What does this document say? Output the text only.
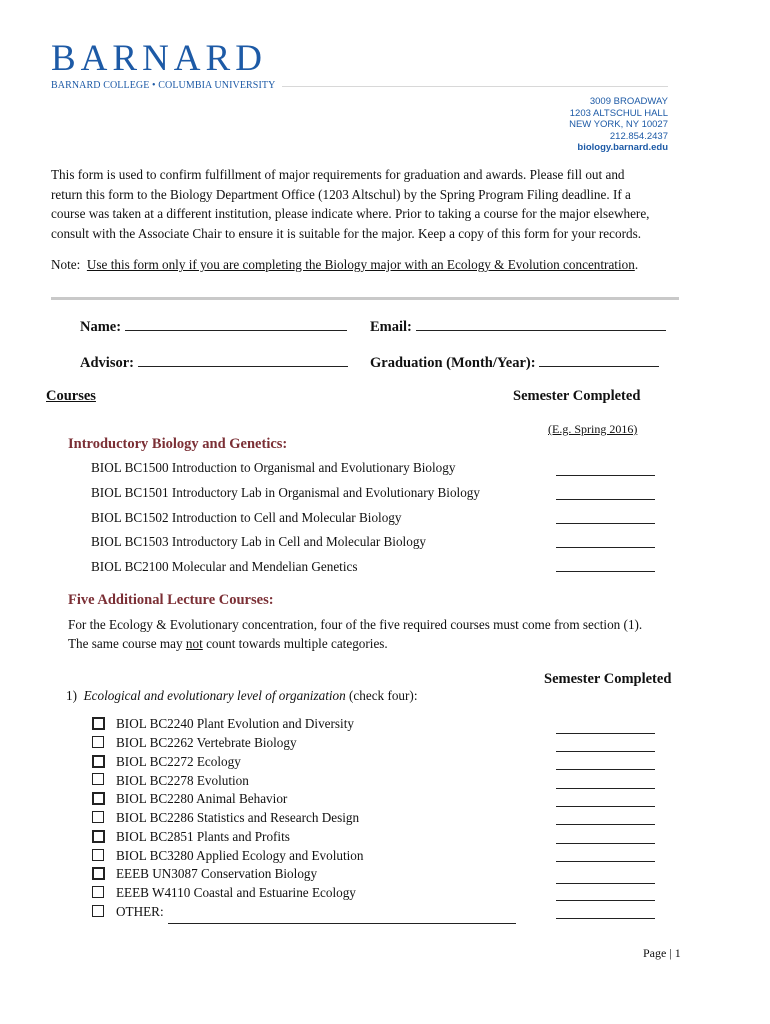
BARNARD
BARNARD COLLEGE • COLUMBIA UNIVERSITY
3009 BROADWAY
1203 ALTSCHUL HALL
NEW YORK, NY 10027
212.854.2437
biology.barnard.edu
This form is used to confirm fulfillment of major requirements for graduation and awards. Please fill out and
return this form to the Biology Department Office (1203 Altschul) by the Spring Program Filing deadline. If a
course was taken at a different institution, please indicate where. Prior to taking a course for the major elsewhere,
consult with the Associate Chair to ensure it is suitable for the major. Keep a copy of this form for your records.
Note: Use this form only if you are completing the Biology major with an Ecology & Evolution concentration.
Name:	Email:
Advisor:	Graduation (Month/Year):
Courses	Semester Completed
(E.g. Spring 2016)
Introductory Biology and Genetics:
BIOL BC1500 Introduction to Organismal and Evolutionary Biology
BIOL BC1501 Introductory Lab in Organismal and Evolutionary Biology
BIOL BC1502 Introduction to Cell and Molecular Biology
BIOL BC1503 Introductory Lab in Cell and Molecular Biology
BIOL BC2100 Molecular and Mendelian Genetics
Five Additional Lecture Courses:
For the Ecology & Evolutionary concentration, four of the five required courses must come from section (1).
The same course may not count towards multiple categories.
Semester Completed
1) Ecological and evolutionary level of organization (check four):
BIOL BC2240 Plant Evolution and Diversity
BIOL BC2262 Vertebrate Biology
BIOL BC2272 Ecology
BIOL BC2278 Evolution
BIOL BC2280 Animal Behavior
BIOL BC2286 Statistics and Research Design
BIOL BC2851 Plants and Profits
BIOL BC3280 Applied Ecology and Evolution
EEEB UN3087 Conservation Biology
EEEB W4110 Coastal and Estuarine Ecology
OTHER:
Page | 1
